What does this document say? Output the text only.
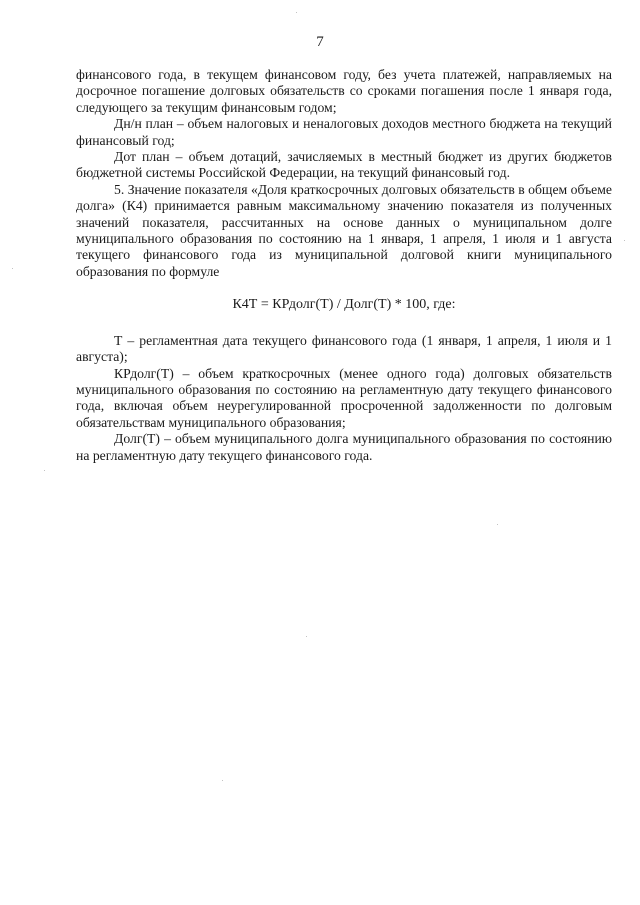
7

финансового года, в текущем финансовом году, без учета платежей, направляемых на досрочное погашение долговых обязательств со сроками погашения после 1 января года, следующего за текущим финансовым годом;

Дн/н план – объем налоговых и неналоговых доходов местного бюджета на текущий финансовый год;

Дот план – объем дотаций, зачисляемых в местный бюджет из других бюджетов бюджетной системы Российской Федерации, на текущий финансовый год.

5. Значение показателя «Доля краткосрочных долговых обязательств в общем объеме долга» (К4) принимается равным максимальному значению показателя из полученных значений показателя, рассчитанных на основе данных о муниципальном долге муниципального образования по состоянию на 1 января, 1 апреля, 1 июля и 1 августа текущего финансового года из муниципальной долговой книги муниципального образования по формуле

К4Т = КРдолг(Т) / Долг(Т) * 100, где:

Т – регламентная дата текущего финансового года (1 января, 1 апреля, 1 июля и 1 августа);

КРдолг(Т) – объем краткосрочных (менее одного года) долговых обязательств муниципального образования по состоянию на регламентную дату текущего финансового года, включая объем неурегулированной просроченной задолженности по долговым обязательствам муниципального образования;

Долг(Т) – объем муниципального долга муниципального образования по состоянию на регламентную дату текущего финансового года.
